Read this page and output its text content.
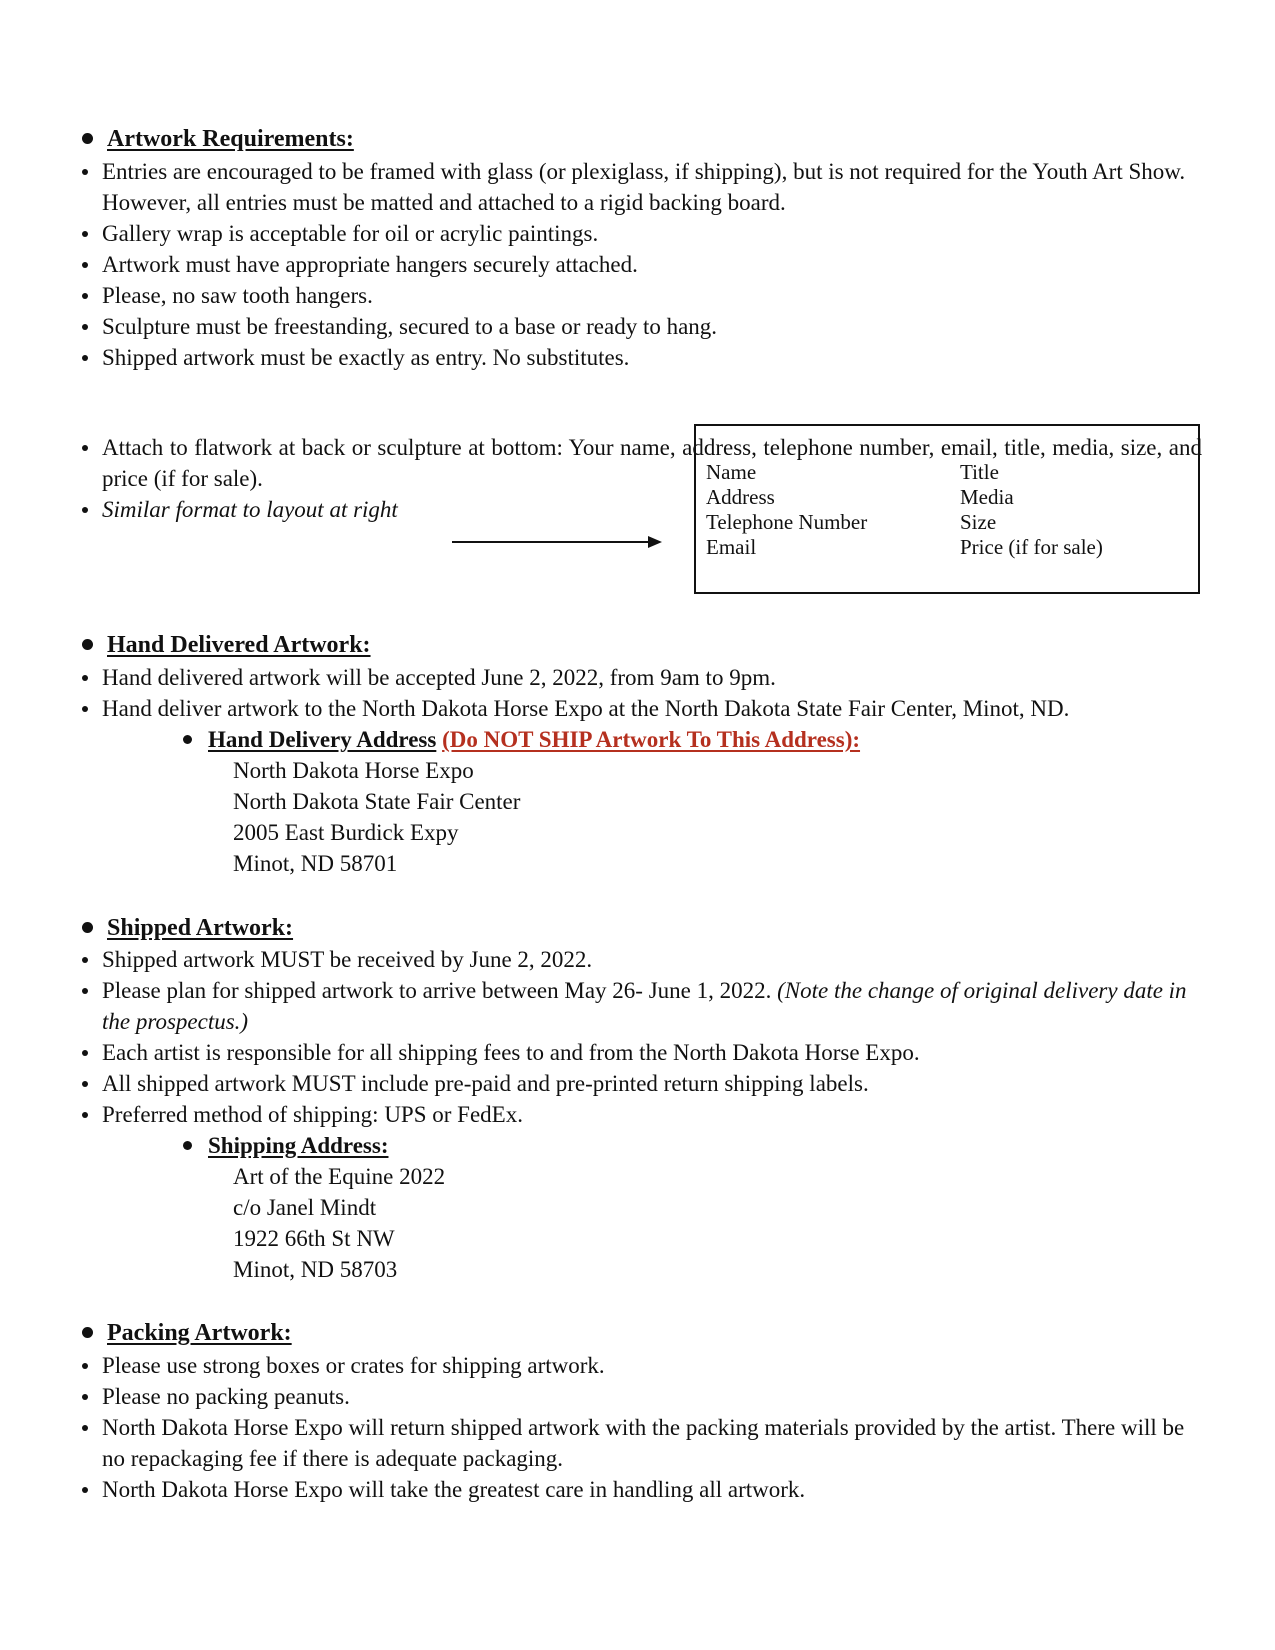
Artwork Requirements:
Entries are encouraged to be framed with glass (or plexiglass, if shipping), but is not required for the Youth Art Show. However, all entries must be matted and attached to a rigid backing board.
Gallery wrap is acceptable for oil or acrylic paintings.
Artwork must have appropriate hangers securely attached.
Please, no saw tooth hangers.
Sculpture must be freestanding, secured to a base or ready to hang.
Shipped artwork must be exactly as entry. No substitutes.
Attach to flatwork at back or sculpture at bottom: Your name, address, telephone number, email, title, media, size, and price (if for sale).
Similar format to layout at right
Name
Address
Telephone Number
Email
Title
Media
Size
Price (if for sale)
Hand Delivered Artwork:
Hand delivered artwork will be accepted June 2, 2022, from 9am to 9pm.
Hand deliver artwork to the North Dakota Horse Expo at the North Dakota State Fair Center, Minot, ND.
Hand Delivery Address (Do NOT SHIP Artwork To This Address):
North Dakota Horse Expo
North Dakota State Fair Center
2005 East Burdick Expy
Minot, ND 58701
Shipped Artwork:
Shipped artwork MUST be received by June 2, 2022.
Please plan for shipped artwork to arrive between May 26- June 1, 2022. (Note the change of original delivery date in the prospectus.)
Each artist is responsible for all shipping fees to and from the North Dakota Horse Expo.
All shipped artwork MUST include pre-paid and pre-printed return shipping labels.
Preferred method of shipping: UPS or FedEx.
Shipping Address:
Art of the Equine 2022
c/o Janel Mindt
1922 66th St NW
Minot, ND 58703
Packing Artwork:
Please use strong boxes or crates for shipping artwork.
Please no packing peanuts.
North Dakota Horse Expo will return shipped artwork with the packing materials provided by the artist. There will be no repackaging fee if there is adequate packaging.
North Dakota Horse Expo will take the greatest care in handling all artwork.
